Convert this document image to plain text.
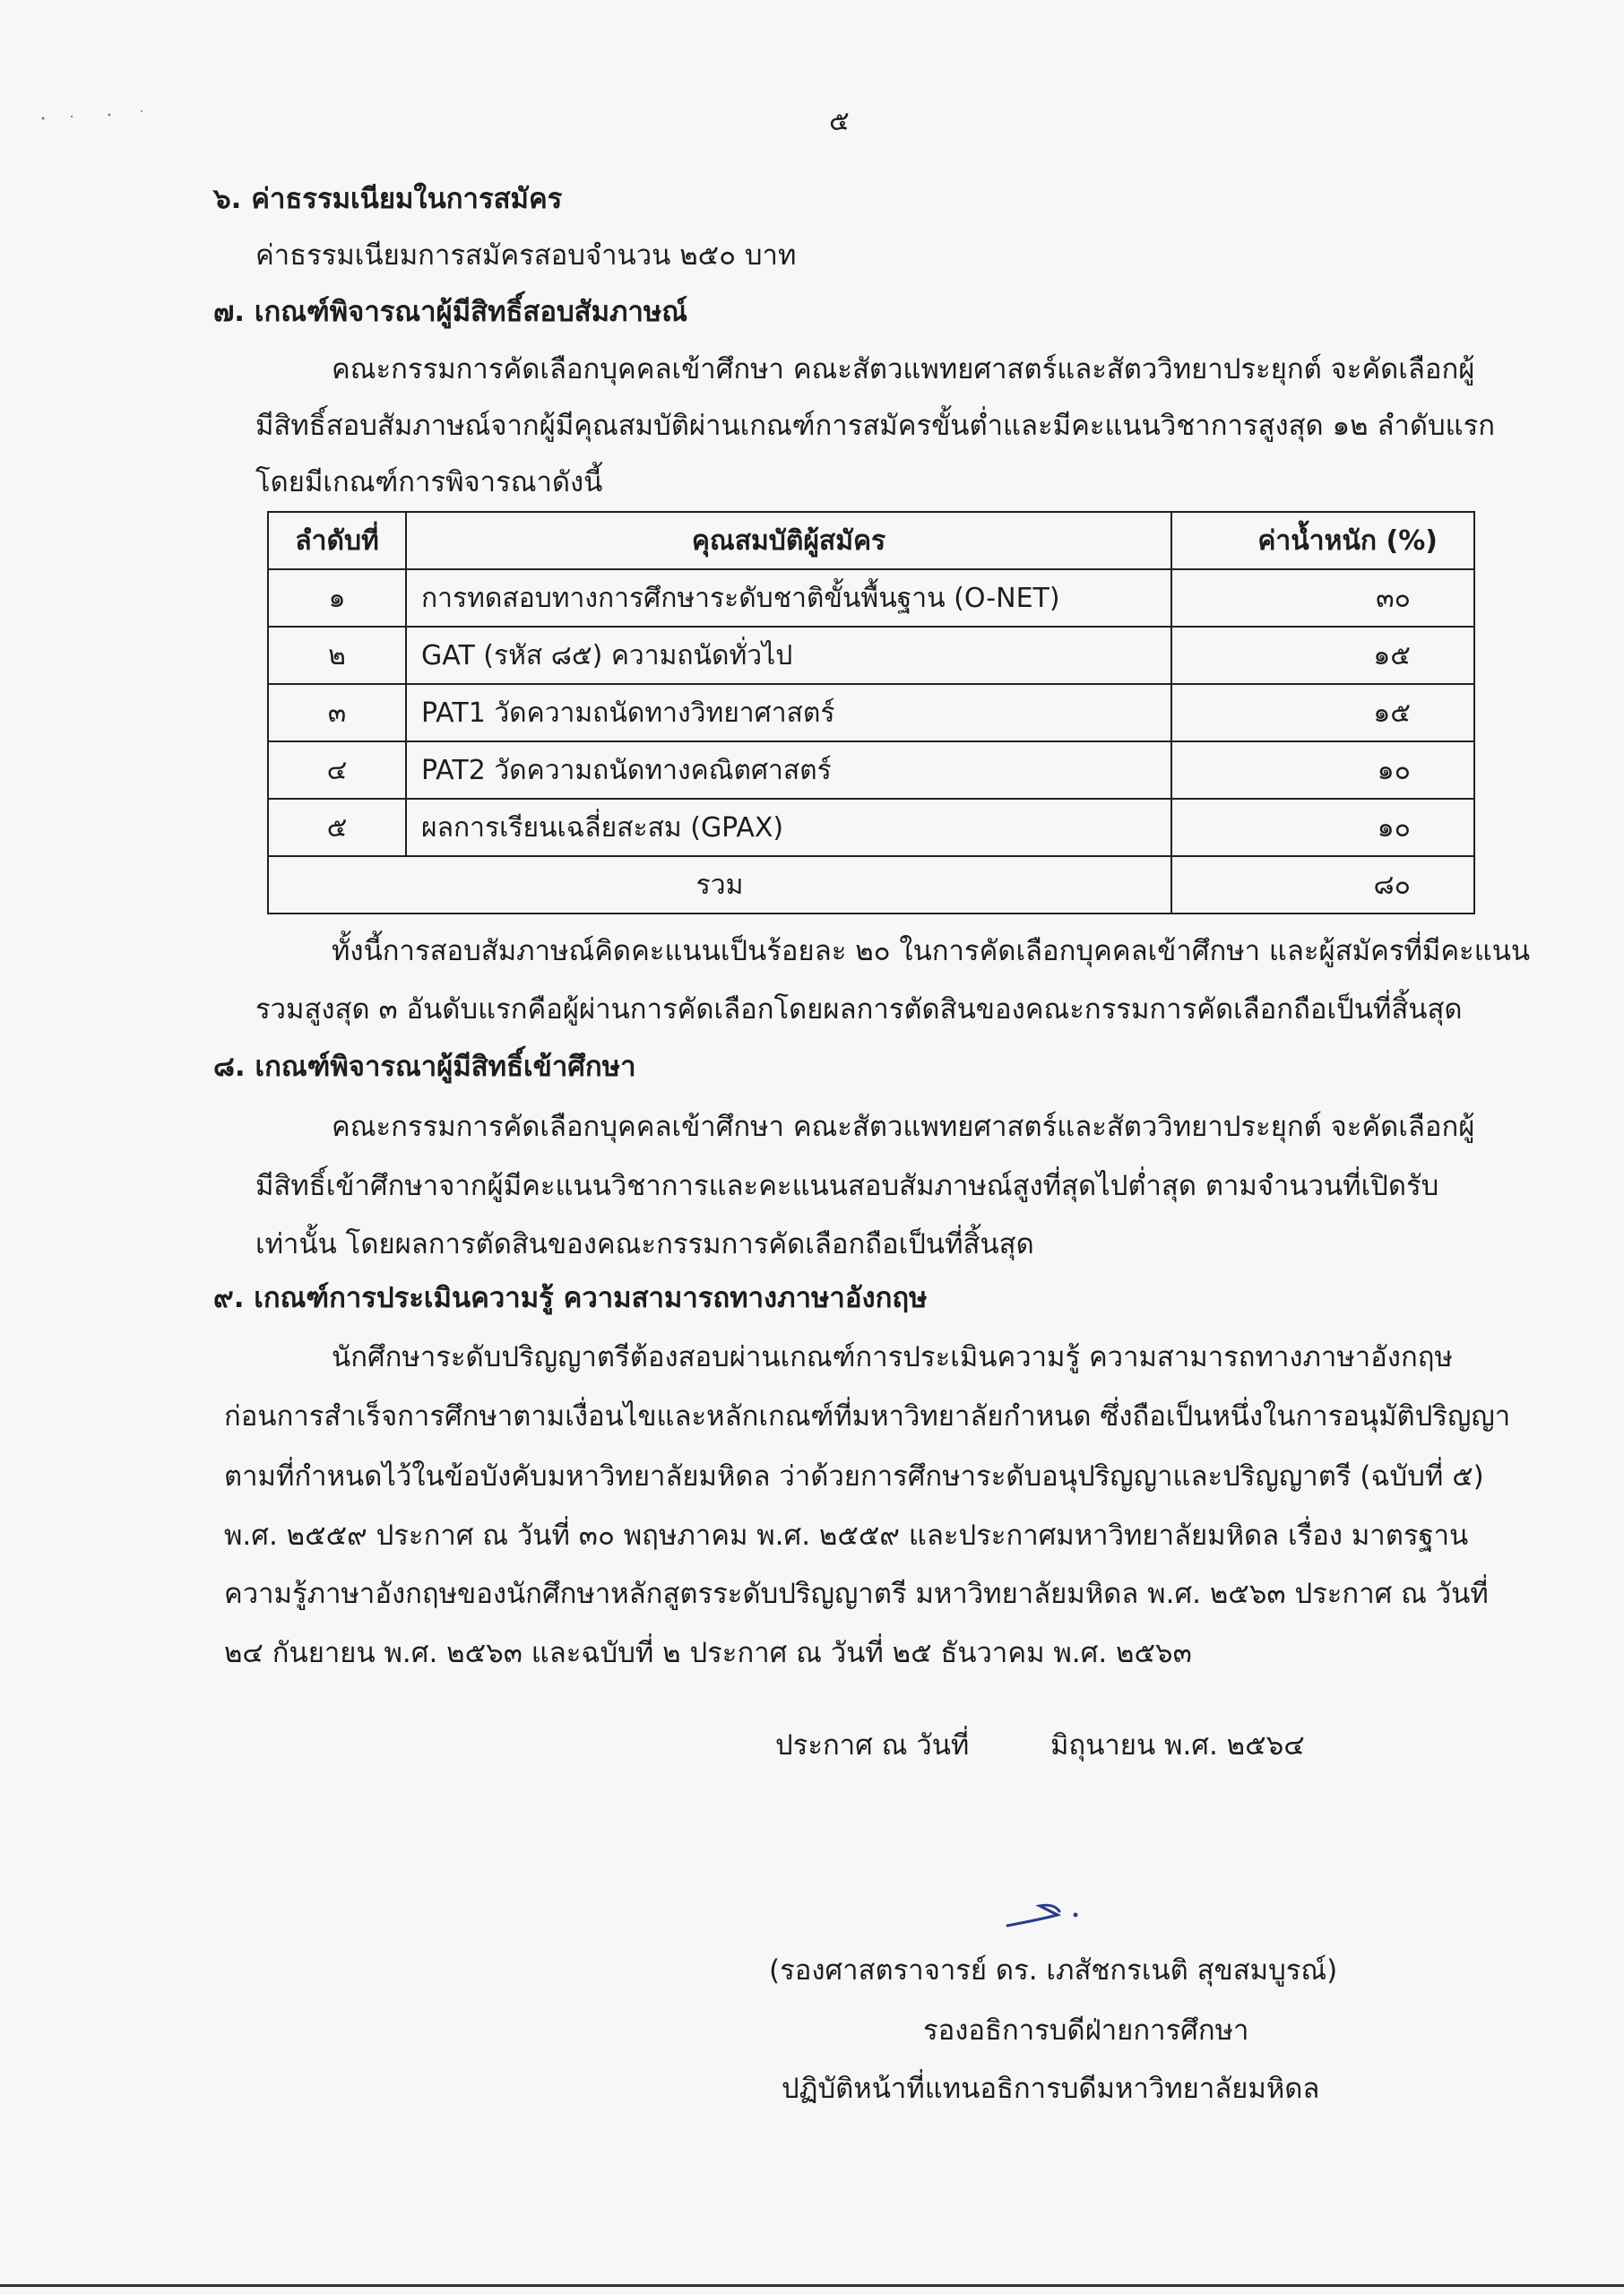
๕
๖. ค่าธรรมเนียมในการสมัคร
ค่าธรรมเนียมการสมัครสอบจำนวน ๒๕๐ บาท
๗. เกณฑ์พิจารณาผู้มีสิทธิ์สอบสัมภาษณ์
คณะกรรมการคัดเลือกบุคคลเข้าศึกษา คณะสัตวแพทยศาสตร์และสัตววิทยาประยุกต์ จะคัดเลือกผู้
มีสิทธิ์สอบสัมภาษณ์จากผู้มีคุณสมบัติผ่านเกณฑ์การสมัครขั้นต่ำและมีคะแนนวิชาการสูงสุด ๑๒ ลำดับแรก
โดยมีเกณฑ์การพิจารณาดังนี้
ลำดับที่	คุณสมบัติผู้สมัคร	ค่าน้ำหนัก (%)
๑	การทดสอบทางการศึกษาระดับชาติขั้นพื้นฐาน (O-NET)	๓๐
๒	GAT (รหัส ๘๕) ความถนัดทั่วไป	๑๕
๓	PAT1 วัดความถนัดทางวิทยาศาสตร์	๑๕
๔	PAT2 วัดความถนัดทางคณิตศาสตร์	๑๐
๕	ผลการเรียนเฉลี่ยสะสม (GPAX)	๑๐
รวม		๘๐
ทั้งนี้การสอบสัมภาษณ์คิดคะแนนเป็นร้อยละ ๒๐ ในการคัดเลือกบุคคลเข้าศึกษา และผู้สมัครที่มีคะแนน
รวมสูงสุด ๓ อันดับแรกคือผู้ผ่านการคัดเลือกโดยผลการตัดสินของคณะกรรมการคัดเลือกถือเป็นที่สิ้นสุด
๘. เกณฑ์พิจารณาผู้มีสิทธิ์เข้าศึกษา
คณะกรรมการคัดเลือกบุคคลเข้าศึกษา คณะสัตวแพทยศาสตร์และสัตววิทยาประยุกต์ จะคัดเลือกผู้
มีสิทธิ์เข้าศึกษาจากผู้มีคะแนนวิชาการและคะแนนสอบสัมภาษณ์สูงที่สุดไปต่ำสุด ตามจำนวนที่เปิดรับ
เท่านั้น โดยผลการตัดสินของคณะกรรมการคัดเลือกถือเป็นที่สิ้นสุด
๙. เกณฑ์การประเมินความรู้ ความสามารถทางภาษาอังกฤษ
นักศึกษาระดับปริญญาตรีต้องสอบผ่านเกณฑ์การประเมินความรู้ ความสามารถทางภาษาอังกฤษ
ก่อนการสำเร็จการศึกษาตามเงื่อนไขและหลักเกณฑ์ที่มหาวิทยาลัยกำหนด ซึ่งถือเป็นหนึ่งในการอนุมัติปริญญา
ตามที่กำหนดไว้ในข้อบังคับมหาวิทยาลัยมหิดล ว่าด้วยการศึกษาระดับอนุปริญญาและปริญญาตรี (ฉบับที่ ๕)
พ.ศ. ๒๕๕๙ ประกาศ ณ วันที่ ๓๐ พฤษภาคม พ.ศ. ๒๕๕๙ และประกาศมหาวิทยาลัยมหิดล เรื่อง มาตรฐาน
ความรู้ภาษาอังกฤษของนักศึกษาหลักสูตรระดับปริญญาตรี มหาวิทยาลัยมหิดล พ.ศ. ๒๕๖๓ ประกาศ ณ วันที่
๒๔ กันยายน พ.ศ. ๒๕๖๓ และฉบับที่ ๒ ประกาศ ณ วันที่ ๒๕ ธันวาคม พ.ศ. ๒๕๖๓
ประกาศ ณ วันที่	มิถุนายน พ.ศ. ๒๕๖๔
(รองศาสตราจารย์ ดร. เภสัชกรเนติ สุขสมบูรณ์)
รองอธิการบดีฝ่ายการศึกษา
ปฏิบัติหน้าที่แทนอธิการบดีมหาวิทยาลัยมหิดล
